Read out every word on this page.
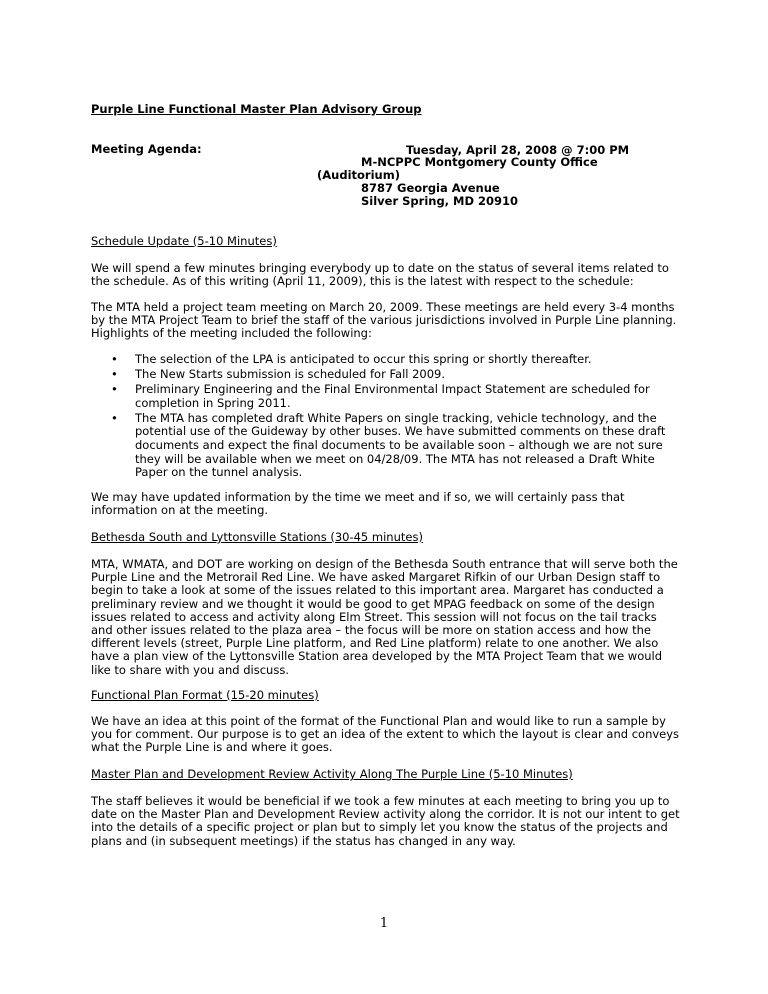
Purple Line Functional Master Plan Advisory Group

Meeting Agenda:	Tuesday, April 28, 2008 @ 7:00 PM
M-NCPPC Montgomery County Office
(Auditorium)
8787 Georgia Avenue
Silver Spring, MD 20910

Schedule Update (5-10 Minutes)

We will spend a few minutes bringing everybody up to date on the status of several items related to the schedule. As of this writing (April 11, 2009), this is the latest with respect to the schedule:

The MTA held a project team meeting on March 20, 2009. These meetings are held every 3-4 months by the MTA Project Team to brief the staff of the various jurisdictions involved in Purple Line planning. Highlights of the meeting included the following:

• The selection of the LPA is anticipated to occur this spring or shortly thereafter.
• The New Starts submission is scheduled for Fall 2009.
• Preliminary Engineering and the Final Environmental Impact Statement are scheduled for completion in Spring 2011.
• The MTA has completed draft White Papers on single tracking, vehicle technology, and the potential use of the Guideway by other buses. We have submitted comments on these draft documents and expect the final documents to be available soon – although we are not sure they will be available when we meet on 04/28/09. The MTA has not released a Draft White Paper on the tunnel analysis.

We may have updated information by the time we meet and if so, we will certainly pass that information on at the meeting.

Bethesda South and Lyttonsville Stations (30-45 minutes)

MTA, WMATA, and DOT are working on design of the Bethesda South entrance that will serve both the Purple Line and the Metrorail Red Line. We have asked Margaret Rifkin of our Urban Design staff to begin to take a look at some of the issues related to this important area. Margaret has conducted a preliminary review and we thought it would be good to get MPAG feedback on some of the design issues related to access and activity along Elm Street. This session will not focus on the tail tracks and other issues related to the plaza area – the focus will be more on station access and how the different levels (street, Purple Line platform, and Red Line platform) relate to one another. We also have a plan view of the Lyttonsville Station area developed by the MTA Project Team that we would like to share with you and discuss.

Functional Plan Format (15-20 minutes)

We have an idea at this point of the format of the Functional Plan and would like to run a sample by you for comment. Our purpose is to get an idea of the extent to which the layout is clear and conveys what the Purple Line is and where it goes.

Master Plan and Development Review Activity Along The Purple Line (5-10 Minutes)

The staff believes it would be beneficial if we took a few minutes at each meeting to bring you up to date on the Master Plan and Development Review activity along the corridor. It is not our intent to get into the details of a specific project or plan but to simply let you know the status of the projects and plans and (in subsequent meetings) if the status has changed in any way.

1
